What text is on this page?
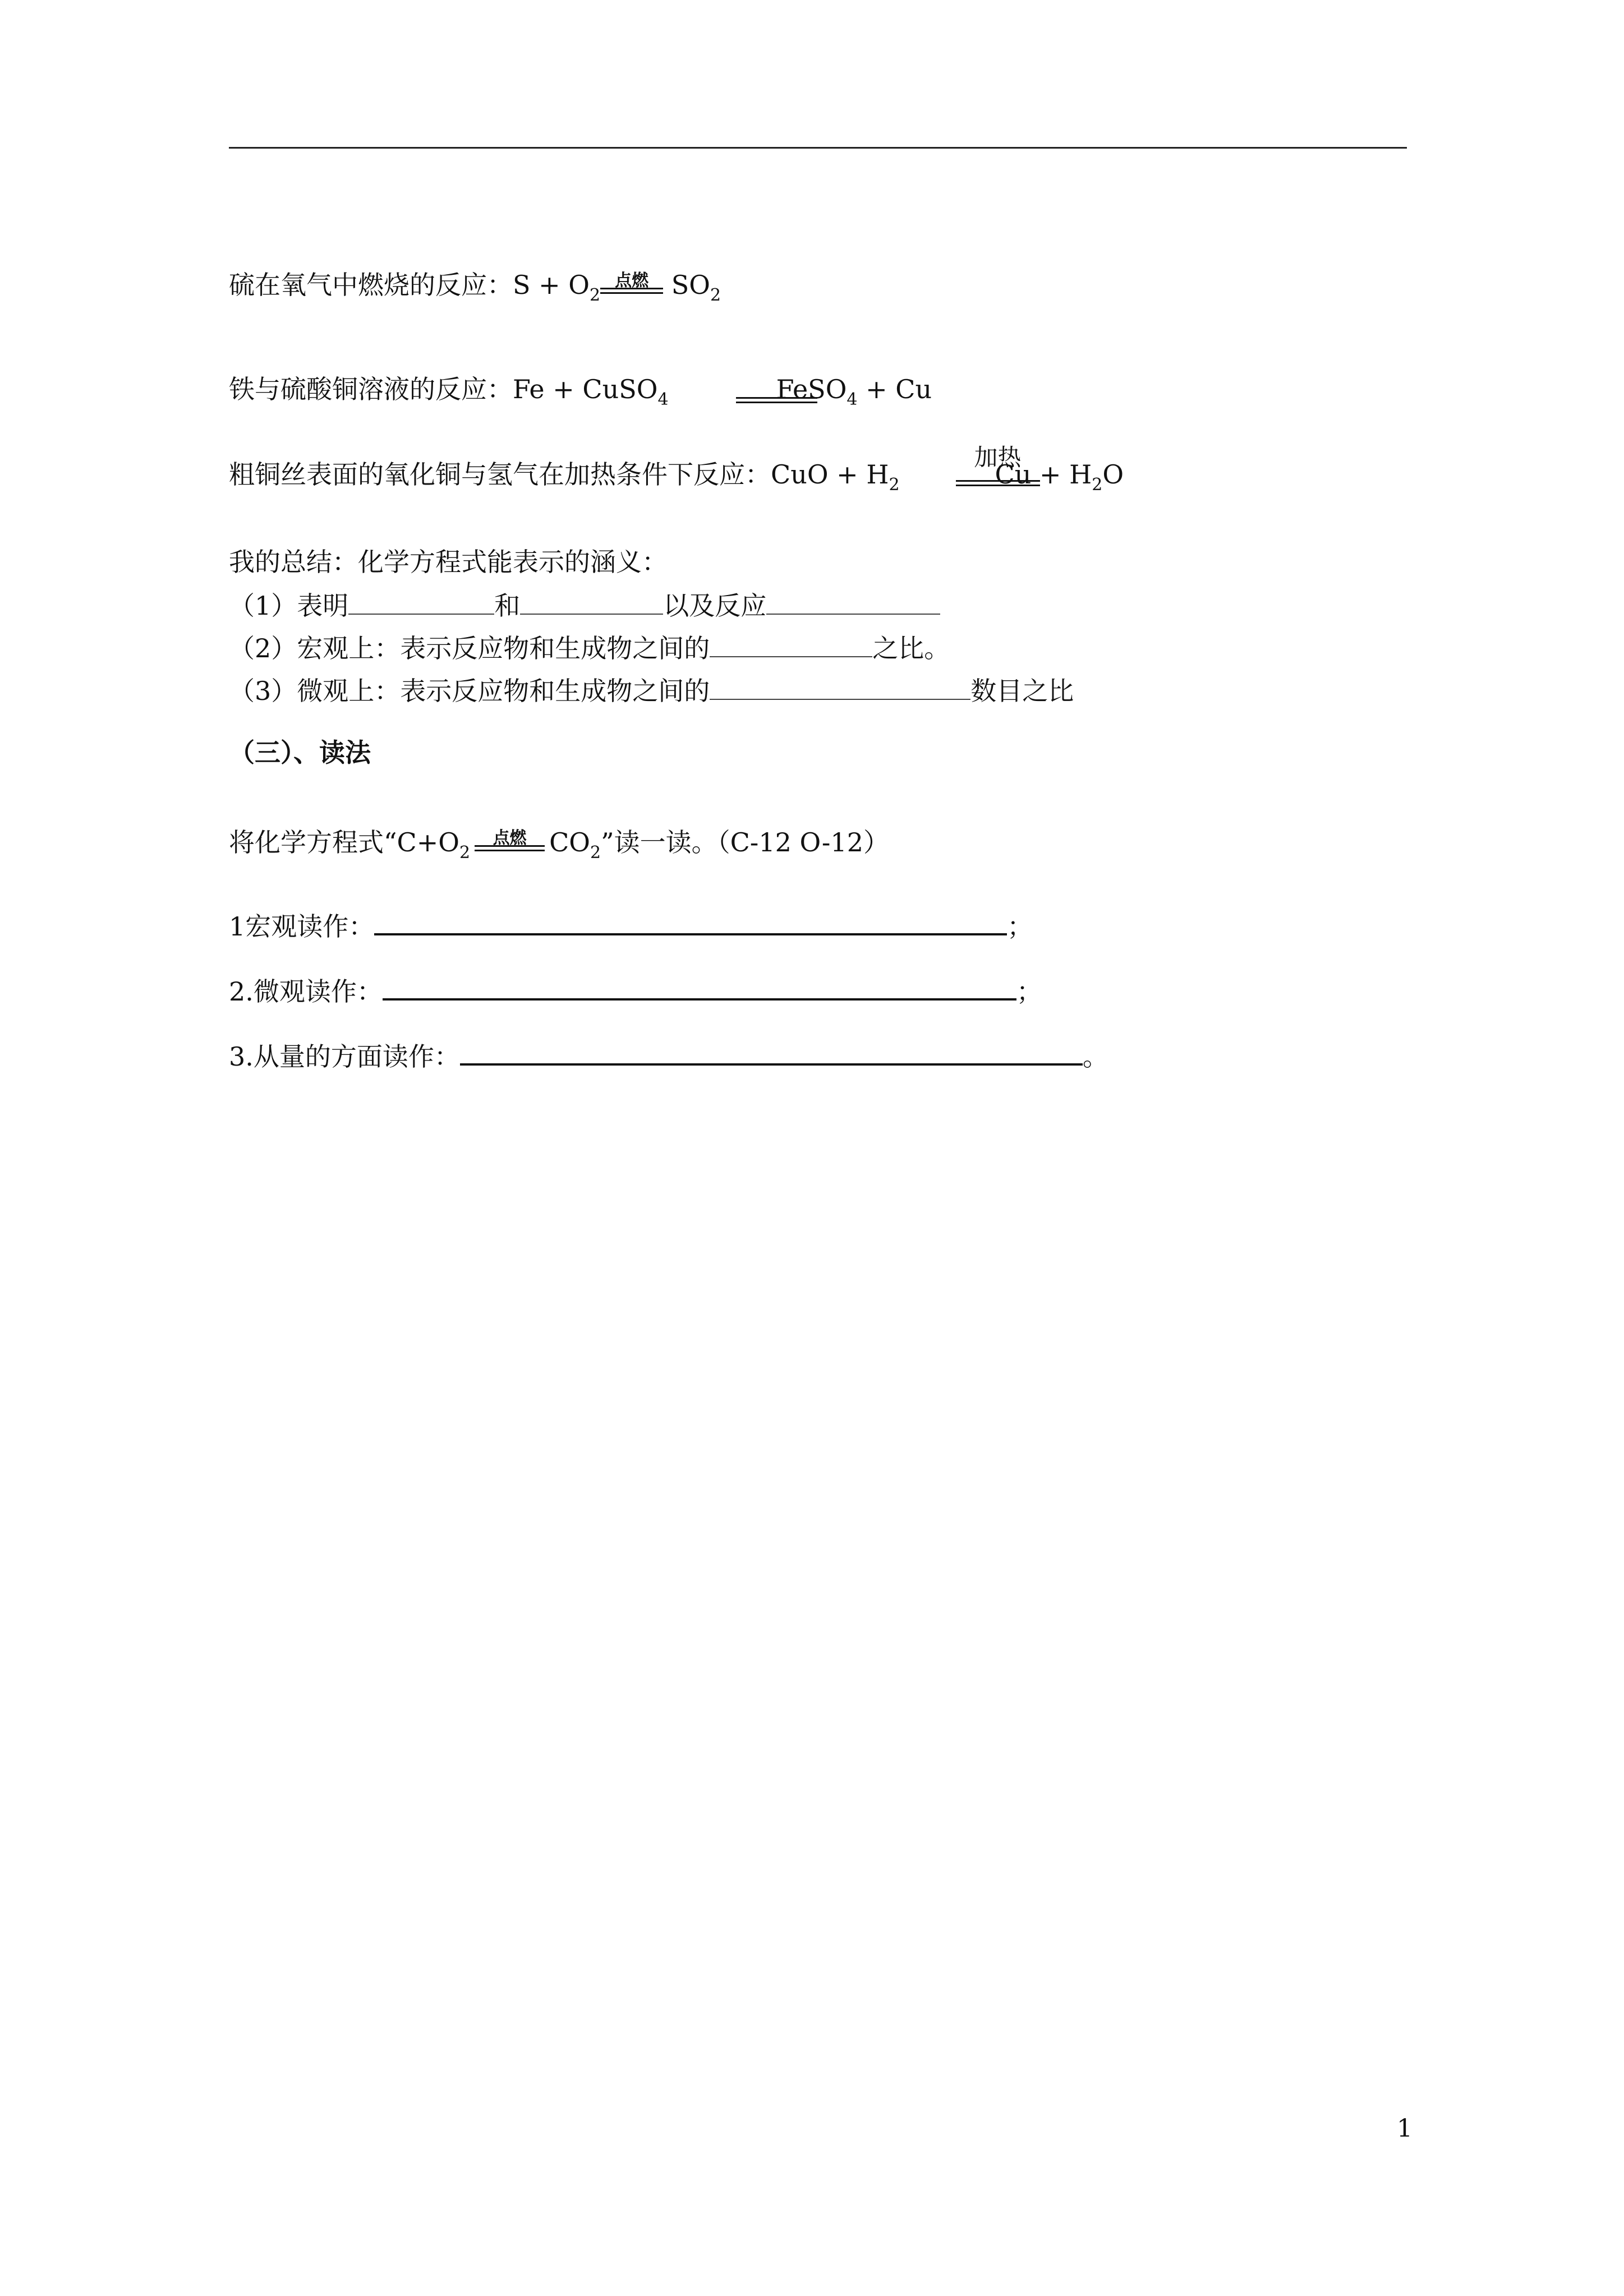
硫在氧气中燃烧的反应：$S + O_2$
点燃 $SO_2$
铁与硫酸铜溶液的反应：Fe + CuSO$_4$	FeSO$_4$ + Cu
粗铜丝表面的氧化铜与氢气在加热条件下反应：CuO + $H_2$
加热
$Cu + H_2O$
我的总结：化学方程式能表示的涵义：
（1）表明	和	以及反应
（2）宏观上：表示反应物和生成物之间的	之比。
（3）微观上：表示反应物和生成物之间的	数目之比
（三）、读法
将化学方程式“$C+O_2$
点燃 $CO_2$”读一读。（C-12 O-12）
1宏观读作：	；
2.微观读作：	；
3.从量的方面读作：	。
1
